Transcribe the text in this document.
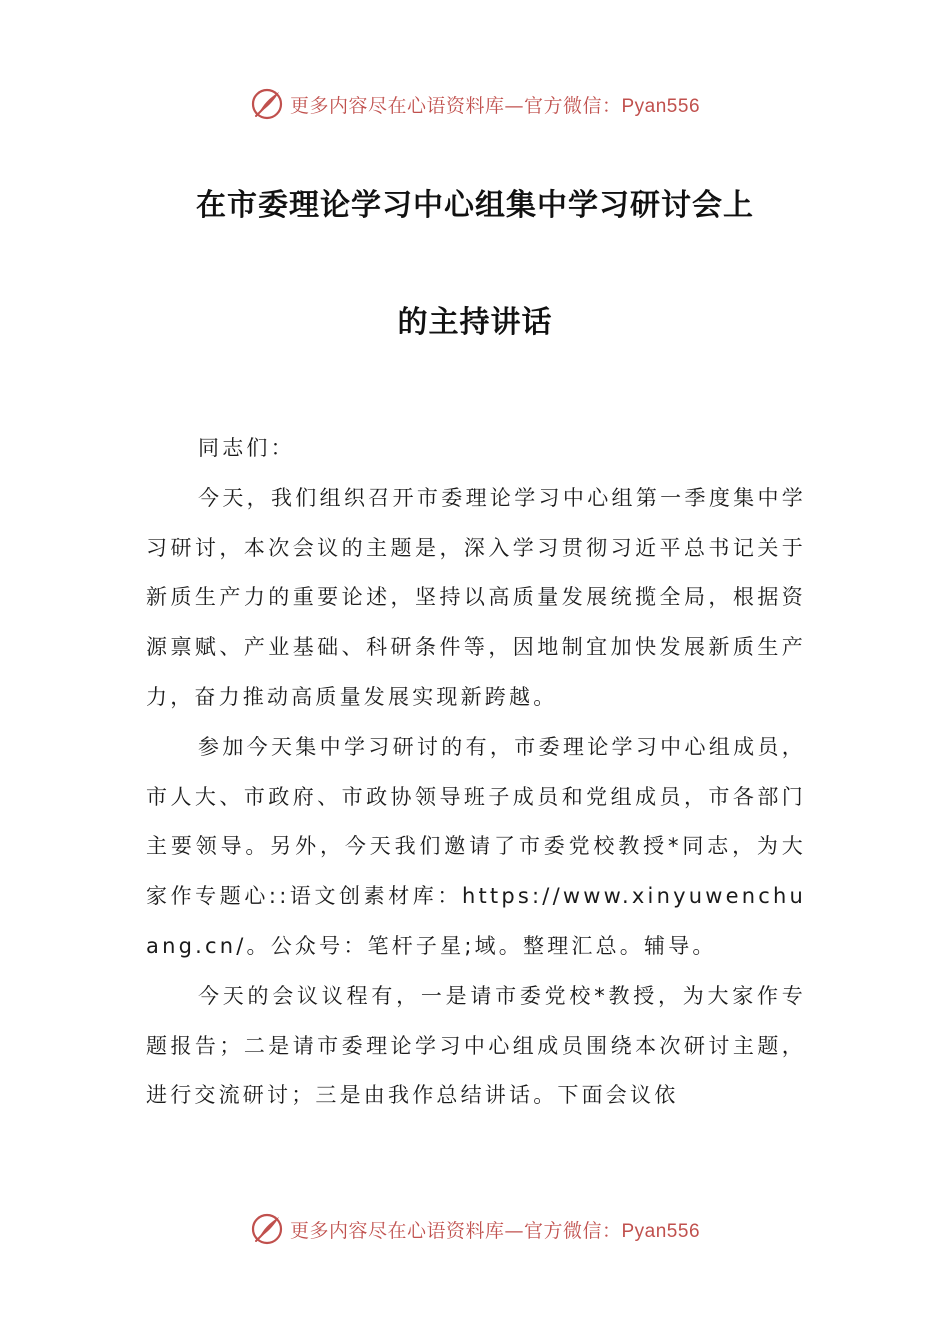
更多内容尽在心语资料库—官方微信：Pyan556
在市委理论学习中心组集中学习研讨会上
的主持讲话

同志们：

今天，我们组织召开市委理论学习中心组第一季度集中学习研讨，本次会议的主题是，深入学习贯彻习近平总书记关于新质生产力的重要论述，坚持以高质量发展统揽全局，根据资源禀赋、产业基础、科研条件等，因地制宜加快发展新质生产力，奋力推动高质量发展实现新跨越。

参加今天集中学习研讨的有，市委理论学习中心组成员，市人大、市政府、市政协领导班子成员和党组成员，市各部门主要领导。另外，今天我们邀请了市委党校教授*同志，为大家作专题心::语文创素材库：https://www.xinyuwenchuang.cn/。公众号：笔杆子星;域。整理汇总。辅导。

今天的会议议程有，一是请市委党校*教授，为大家作专题报告；二是请市委理论学习中心组成员围绕本次研讨主题，进行交流研讨；三是由我作总结讲话。下面会议依

更多内容尽在心语资料库—官方微信：Pyan556
